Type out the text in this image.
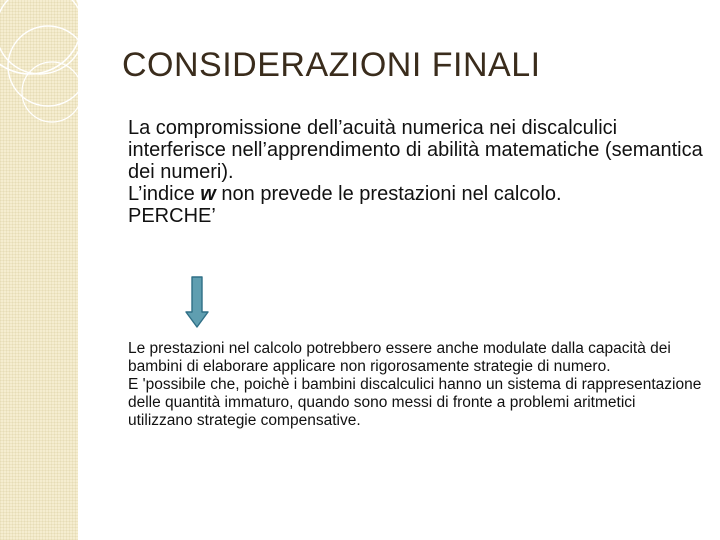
CONSIDERAZIONI FINALI

La compromissione dell’acuità numerica nei discalculici interferisce nell’apprendimento di abilità matematiche (semantica dei numeri).

L’indice w non prevede le prestazioni nel calcolo.

PERCHE’

Le prestazioni nel calcolo potrebbero essere anche modulate dalla capacità dei bambini di elaborare applicare non rigorosamente strategie di numero.

E 'possibile che, poichè i bambini discalculici hanno un sistema di rappresentazione delle quantità immaturo, quando sono messi di fronte a problemi aritmetici utilizzano strategie compensative.
